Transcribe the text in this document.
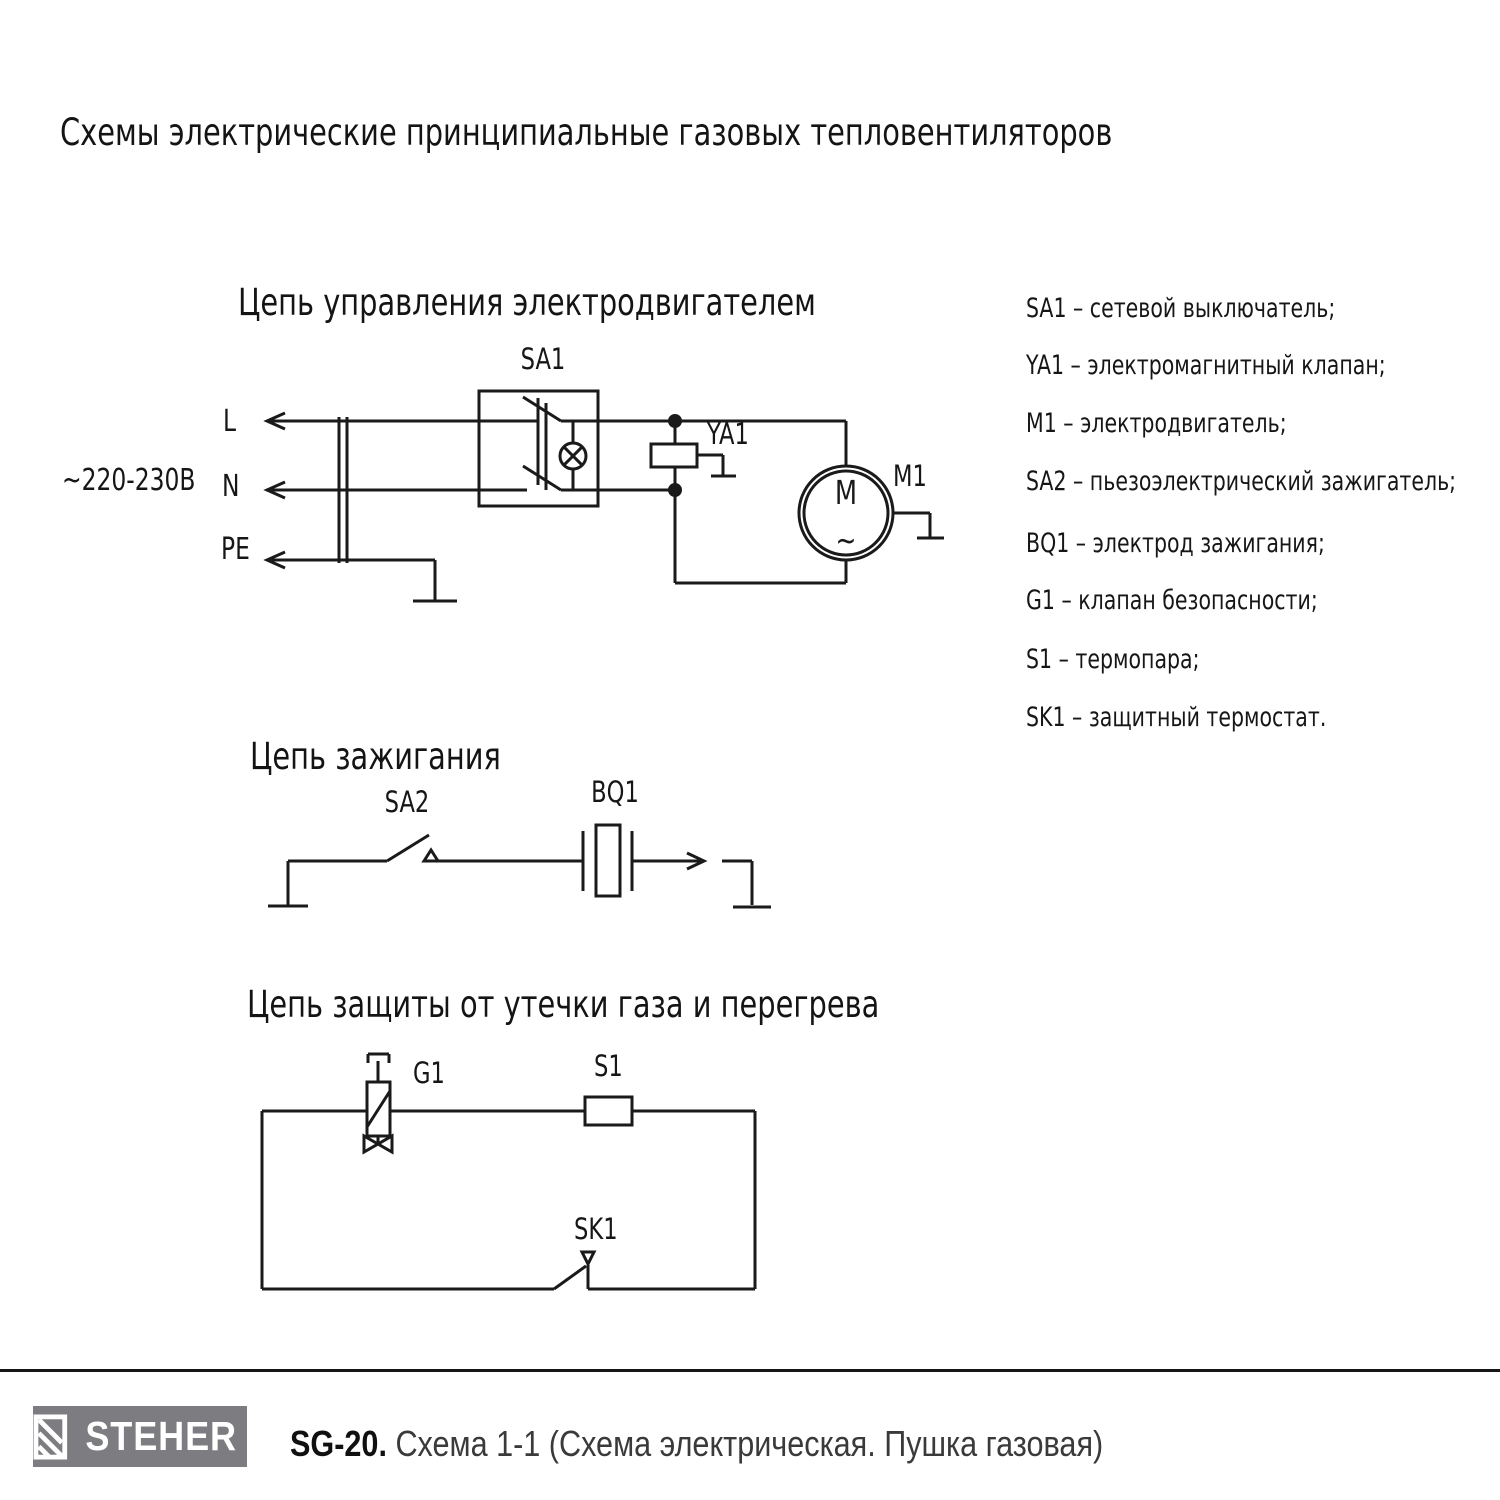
Схемы электрические принципиальные газовых тепловентиляторов
Цепь управления электродвигателем
SA1
YA1
M1
M
~
~220-230В
L
N
PE
Цепь зажигания
SA2	BQ1
Цепь защиты от утечки газа и перегрева
G1	S1
SK1
SA1 – сетевой выключатель;
YA1 – электромагнитный клапан;
M1 – электродвигатель;
SA2 – пьезоэлектрический зажигатель;
BQ1 – электрод зажигания;
G1 – клапан безопасности;
S1 – термопара;
SK1 – защитный термостат.
STEHER SG-20. Схема 1-1 (Схема электрическая. Пушка газовая)
